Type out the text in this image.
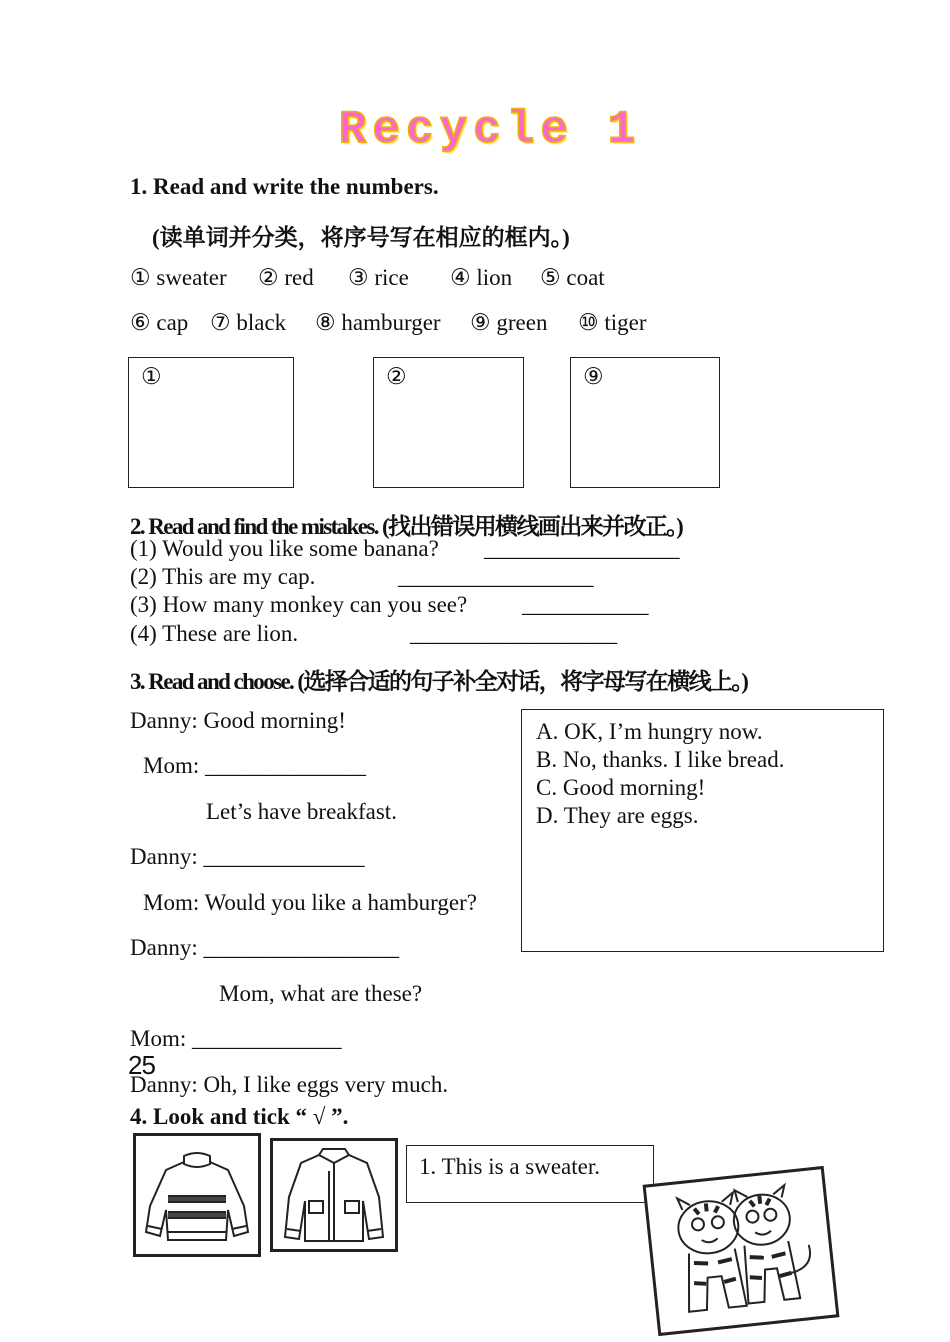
Recycle 1
1. Read and write the numbers.
(读单词并分类，将序号写在相应的框内。)
① sweater ② red ③ rice ④ lion ⑤ coat
⑥ cap ⑦ black ⑧ hamburger ⑨ green ⑩ tiger
①	②	⑨
2. Read and find the mistakes. (找出错误用横线画出来并改正。)
(1) Would you like some banana? _________________
(2) This are my cap.	_________________
(3) How many monkey can you see? ___________
(4) These are lion.	__________________
3. Read and choose. (选择合适的句子补全对话，将字母写在横线上。)
Danny: Good morning!
Mom: ______________
Let’s have breakfast.
Danny: ______________
Mom: Would you like a hamburger?
Danny: _________________
Mom, what are these?
Mom: _____________
Danny: Oh, I like eggs very much.
A. OK, I’m hungry now.
B. No, thanks. I like bread.
C. Good morning!
D. They are eggs.
25
4. Look and tick “ √ ”.
1. This is a sweater.
